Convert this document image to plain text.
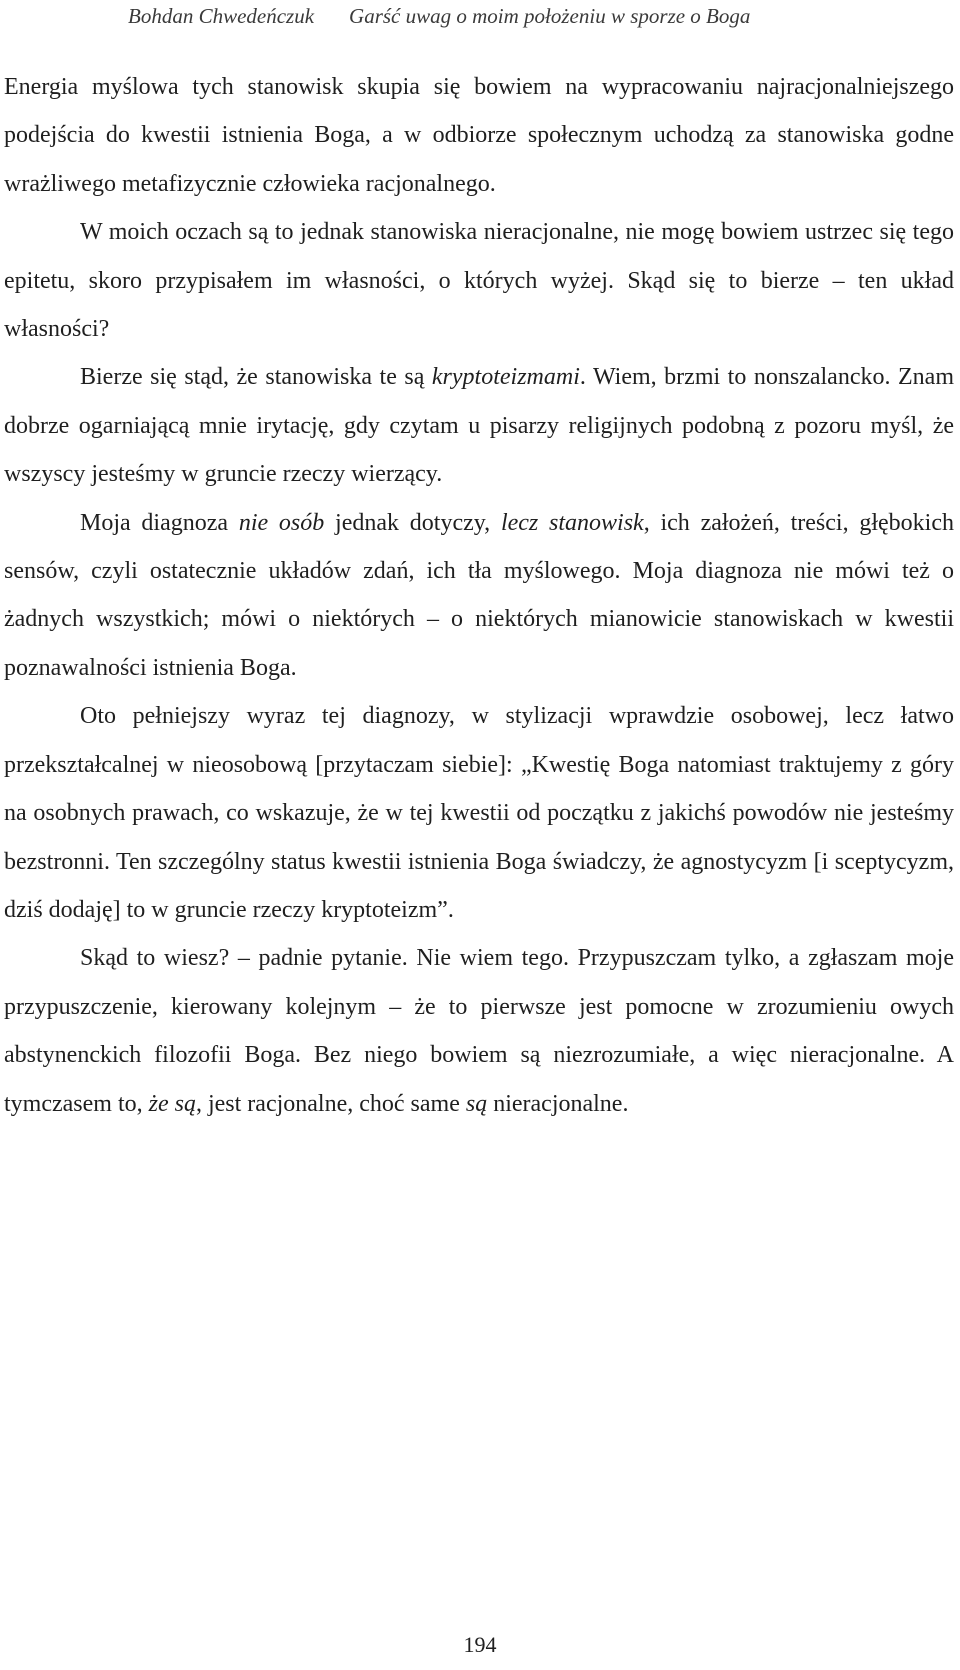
Bohdan Chwedeńczuk Garść uwag o moim położeniu w sporze o Boga

Energia myślowa tych stanowisk skupia się bowiem na wypracowaniu najracjonalniejszego podejścia do kwestii istnienia Boga, a w odbiorze społecznym uchodzą za stanowiska godne wrażliwego metafizycznie człowieka racjonalnego.

W moich oczach są to jednak stanowiska nieracjonalne, nie mogę bowiem ustrzec się tego epitetu, skoro przypisałem im własności, o których wyżej. Skąd się to bierze – ten układ własności?

Bierze się stąd, że stanowiska te są kryptoteizmami. Wiem, brzmi to nonszalancko. Znam dobrze ogarniającą mnie irytację, gdy czytam u pisarzy religijnych podobną z pozoru myśl, że wszyscy jesteśmy w gruncie rzeczy wierzący.

Moja diagnoza nie osób jednak dotyczy, lecz stanowisk, ich założeń, treści, głębokich sensów, czyli ostatecznie układów zdań, ich tła myślowego. Moja diagnoza nie mówi też o żadnych wszystkich; mówi o niektórych – o niektórych mianowicie stanowiskach w kwestii poznawalności istnienia Boga.

Oto pełniejszy wyraz tej diagnozy, w stylizacji wprawdzie osobowej, lecz łatwo przekształcalnej w nieosobową [przytaczam siebie]: „Kwestię Boga natomiast traktujemy z góry na osobnych prawach, co wskazuje, że w tej kwestii od początku z jakichś powodów nie jesteśmy bezstronni. Ten szczególny status kwestii istnienia Boga świadczy, że agnostycyzm [i sceptycyzm, dziś dodaję] to w gruncie rzeczy kryptoteizm”.

Skąd to wiesz? – padnie pytanie. Nie wiem tego. Przypuszczam tylko, a zgłaszam moje przypuszczenie, kierowany kolejnym – że to pierwsze jest pomocne w zrozumieniu owych abstynenckich filozofii Boga. Bez niego bowiem są niezrozumiałe, a więc nieracjonalne. A tymczasem to, że są, jest racjonalne, choć same są nieracjonalne.

194
